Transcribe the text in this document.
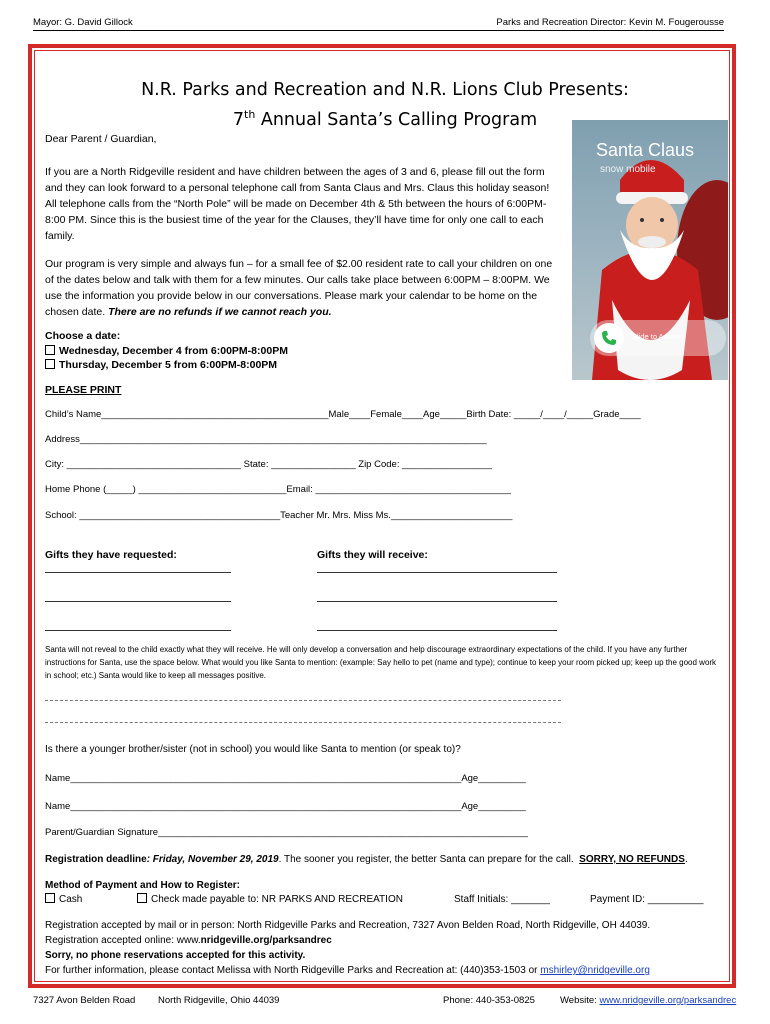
Mayor: G. David Gillock	Parks and Recreation Director: Kevin M. Fougerousse
N.R. Parks and Recreation and N.R. Lions Club Presents:
7th Annual Santa’s Calling Program
Dear Parent / Guardian,
If you are a North Ridgeville resident and have children between the ages of 3 and 6, please fill out the form and they can look forward to a personal telephone call from Santa Claus and Mrs. Claus this holiday season! All telephone calls from the “North Pole” will be made on December 4th & 5th between the hours of 6:00PM-8:00 PM. Since this is the busiest time of the year for the Clauses, they’ll have time for only one call to each family.
Our program is very simple and always fun – for a small fee of $2.00 resident rate to call your children on one of the dates below and talk with them for a few minutes. Our calls take place between 6:00PM – 8:00PM. We use the information you provide below in our conversations. Please mark your calendar to be home on the chosen date. There are no refunds if we cannot reach you.
Santa Claus
snow mobile
Slide to Answer
Choose a date:
Wednesday, December 4 from 6:00PM-8:00PM
Thursday, December 5 from 6:00PM-8:00PM
PLEASE PRINT
Child’s Name___________________________________________Male____Female____Age_____Birth Date: _____/____/_____Grade____
Address_____________________________________________________________________________
City: _________________________________ State: ________________ Zip Code: _________________
Home Phone (_____) ____________________________Email: _____________________________________
School: ______________________________________Teacher Mr. Mrs. Miss Ms._______________________
Gifts they have requested:	Gifts they will receive:
Santa will not reveal to the child exactly what they will receive. He will only develop a conversation and help discourage extraordinary expectations of the child. If you have any further instructions for Santa, use the space below. What would you like Santa to mention: (example: Say hello to pet (name and type); continue to keep your room picked up; keep up the good work in school; etc.) Santa would like to keep all messages positive.
Is there a younger brother/sister (not in school) you would like Santa to mention (or speak to)?
Name__________________________________________________________________________Age_________
Name__________________________________________________________________________Age_________
Parent/Guardian Signature______________________________________________________________________
Registration deadline: Friday, November 29, 2019. The sooner you register, the better Santa can prepare for the call. SORRY, NO REFUNDS.
Method of Payment and How to Register:
Cash	Check made payable to: NR PARKS AND RECREATION	Staff Initials: _______	Payment ID: __________
Registration accepted by mail or in person: North Ridgeville Parks and Recreation, 7327 Avon Belden Road, North Ridgeville, OH 44039.
Registration accepted online: www.nridgeville.org/parksandrec
Sorry, no phone reservations accepted for this activity.
For further information, please contact Melissa with North Ridgeville Parks and Recreation at: (440)353-1503 or mshirley@nridgeville.org
7327 Avon Belden Road North Ridgeville, Ohio 44039	Phone: 440-353-0825	Website: www.nridgeville.org/parksandrec
